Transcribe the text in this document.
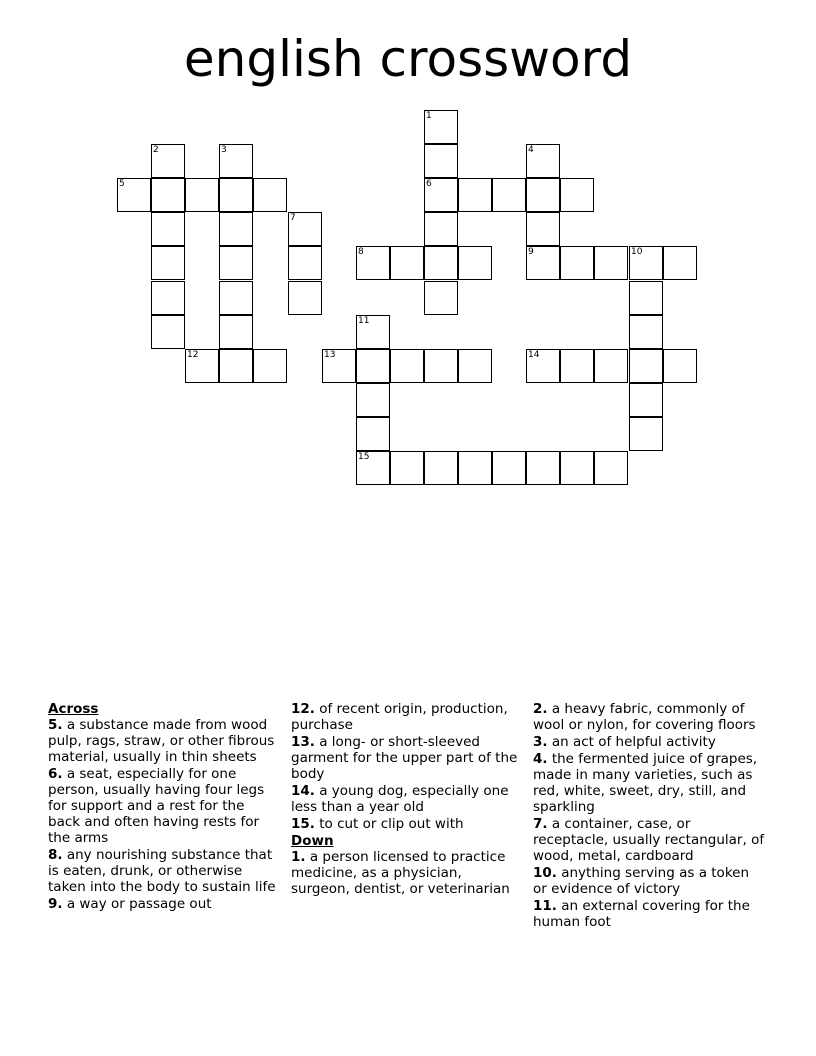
english crossword
1
2	3	4
5	6
7
8	9	10
11
12	13	14
15
Across
5. a substance made from wood pulp, rags, straw, or other fibrous material, usually in thin sheets
6. a seat, especially for one person, usually having four legs for support and a rest for the back and often having rests for the arms
8. any nourishing substance that is eaten, drunk, or otherwise taken into the body to sustain life
9. a way or passage out
12. of recent origin, production, purchase
13. a long- or short-sleeved garment for the upper part of the body
14. a young dog, especially one less than a year old
15. to cut or clip out with
Down
1. a person licensed to practice medicine, as a physician, surgeon, dentist, or veterinarian
2. a heavy fabric, commonly of wool or nylon, for covering floors
3. an act of helpful activity
4. the fermented juice of grapes, made in many varieties, such as red, white, sweet, dry, still, and sparkling
7. a container, case, or receptacle, usually rectangular, of wood, metal, cardboard
10. anything serving as a token or evidence of victory
11. an external covering for the human foot
